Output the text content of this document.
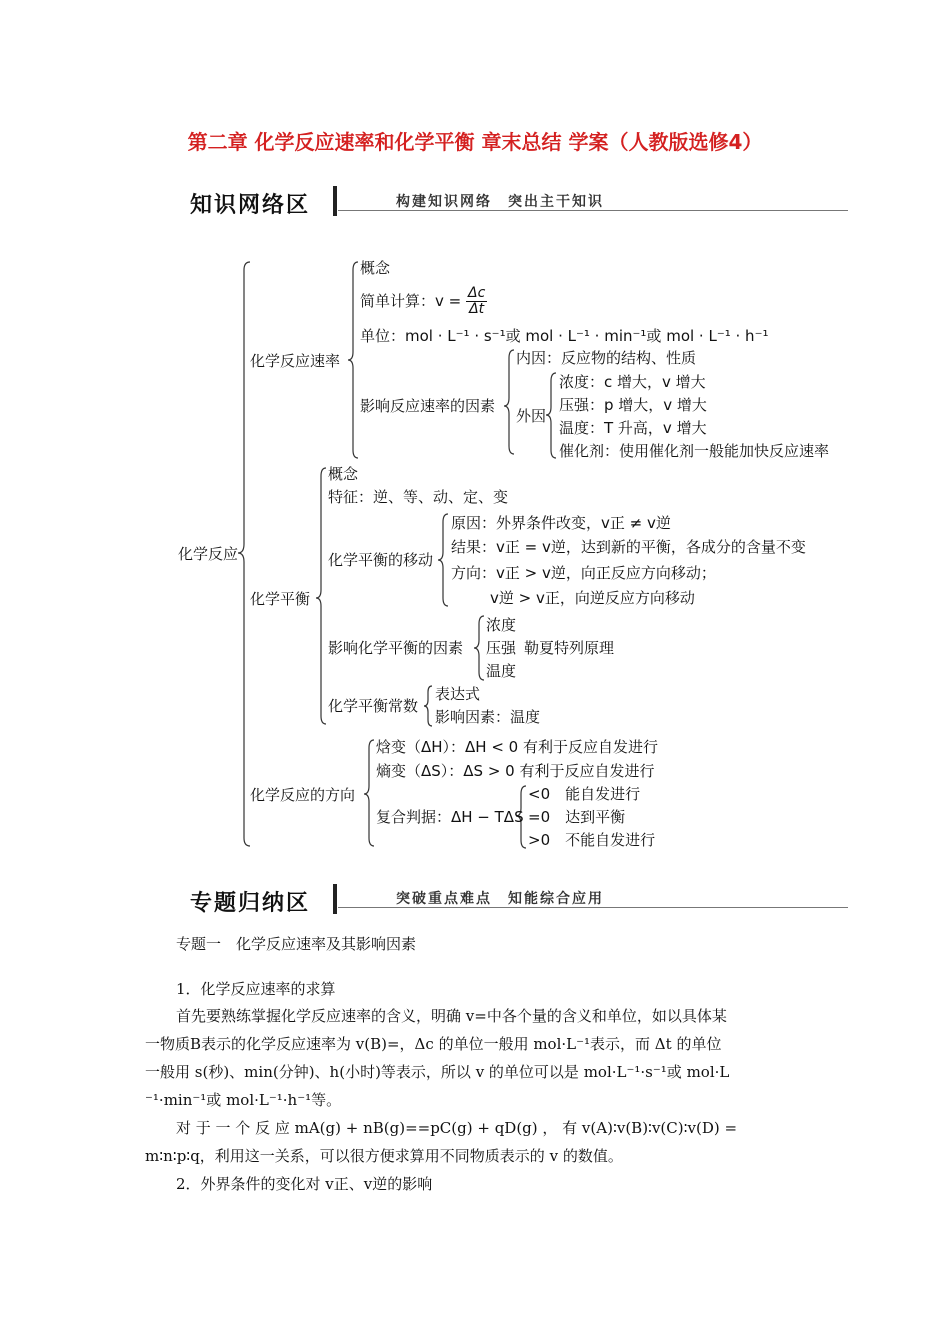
第二章 化学反应速率和化学平衡 章末总结 学案（人教版选修4）
知识网络区	构建知识网络　突出主干知识
化学反应
化学反应速率
概念
简单计算：$v = \frac{\Delta c}{\Delta t}$
单位：mol · L⁻¹ · s⁻¹或 mol · L⁻¹ · min⁻¹或 mol · L⁻¹ · h⁻¹
影响反应速率的因素
内因：反应物的结构、性质
外因
浓度：c 增大，v 增大
压强：p 增大，v 增大
温度：T 升高，v 增大
催化剂：使用催化剂一般能加快反应速率
化学平衡
概念
特征：逆、等、动、定、变
化学平衡的移动
原因：外界条件改变，v正 ≠ v逆
结果：v正 = v逆，达到新的平衡，各成分的含量不变
方向：v正 > v逆，向正反应方向移动；
v逆 > v正，向逆反应方向移动
影响化学平衡的因素
浓度
压强
温度
勒夏特列原理
化学平衡常数
表达式
影响因素：温度
化学反应的方向
焓变（ΔH）：ΔH < 0 有利于反应自发进行
熵变（ΔS）：ΔS > 0 有利于反应自发进行
复合判据：ΔH − TΔS
<0　能自发进行
=0　达到平衡
>0　不能自发进行
专题归纳区	突破重点难点　知能综合应用
专题一　化学反应速率及其影响因素
1．化学反应速率的求算
首先要熟练掌握化学反应速率的含义，明确 v=中各个量的含义和单位，如以具体某
一物质B表示的化学反应速率为 v(B)=，Δc 的单位一般用 mol·L⁻¹表示，而 Δt 的单位
一般用 s(秒)、min(分钟)、h(小时)等表示，所以 v 的单位可以是 mol·L⁻¹·s⁻¹或 mol·L
⁻¹·min⁻¹或 mol·L⁻¹·h⁻¹等。
对 于 一 个 反 应 mA(g) + nB(g)==pC(g) + qD(g) ， 有 v(A)∶v(B)∶v(C)∶v(D) =
m∶n∶p∶q，利用这一关系，可以很方便求算用不同物质表示的 v 的数值。
2．外界条件的变化对 v正、v逆的影响
